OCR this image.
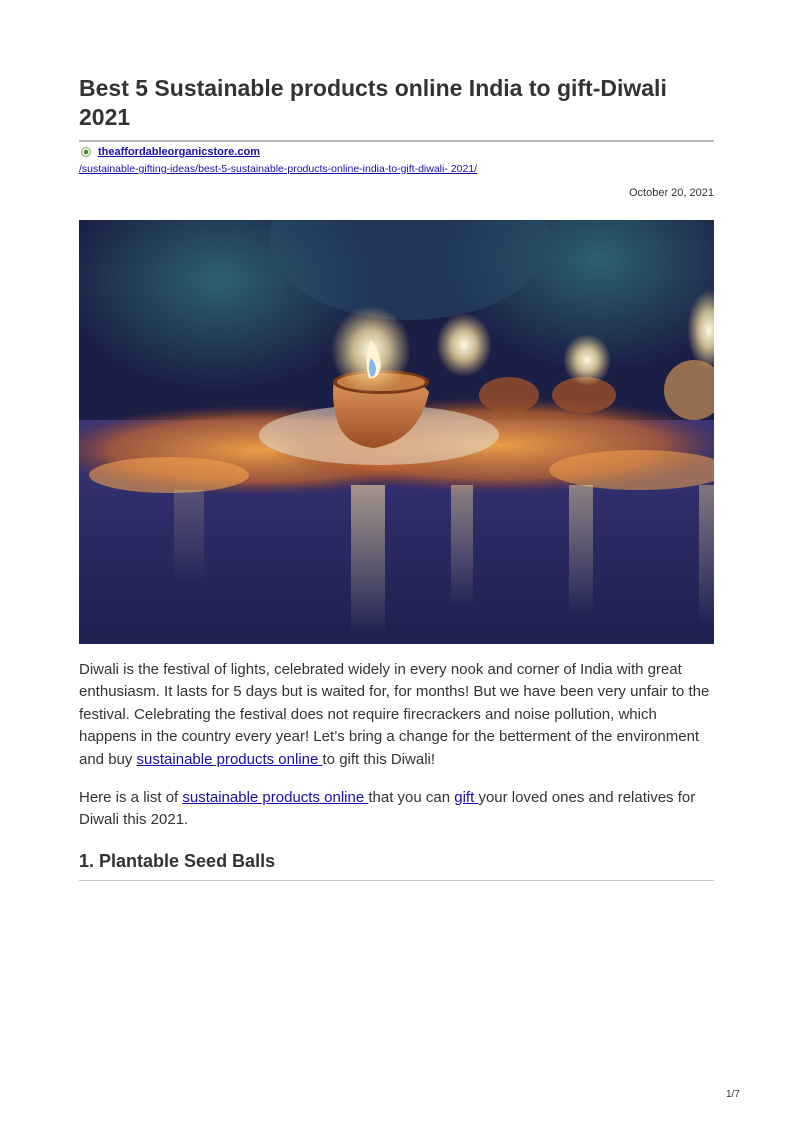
Best 5 Sustainable products online India to gift-Diwali 2021
theaffordableorganicstore.com
/sustainable-gifting-ideas/best-5-sustainable-products-online-india-to-gift-diwali- 2021/
October 20, 2021

Diwali is the festival of lights, celebrated widely in every nook and corner of India with great enthusiasm. It lasts for 5 days but is waited for, for months! But we have been very unfair to the festival. Celebrating the festival does not require firecrackers and noise pollution, which happens in the country every year! Let’s bring a change for the betterment of the environment and buy sustainable products online to gift this Diwali!

Here is a list of sustainable products online that you can gift your loved ones and relatives for Diwali this 2021.

1. Plantable Seed Balls
1/7
